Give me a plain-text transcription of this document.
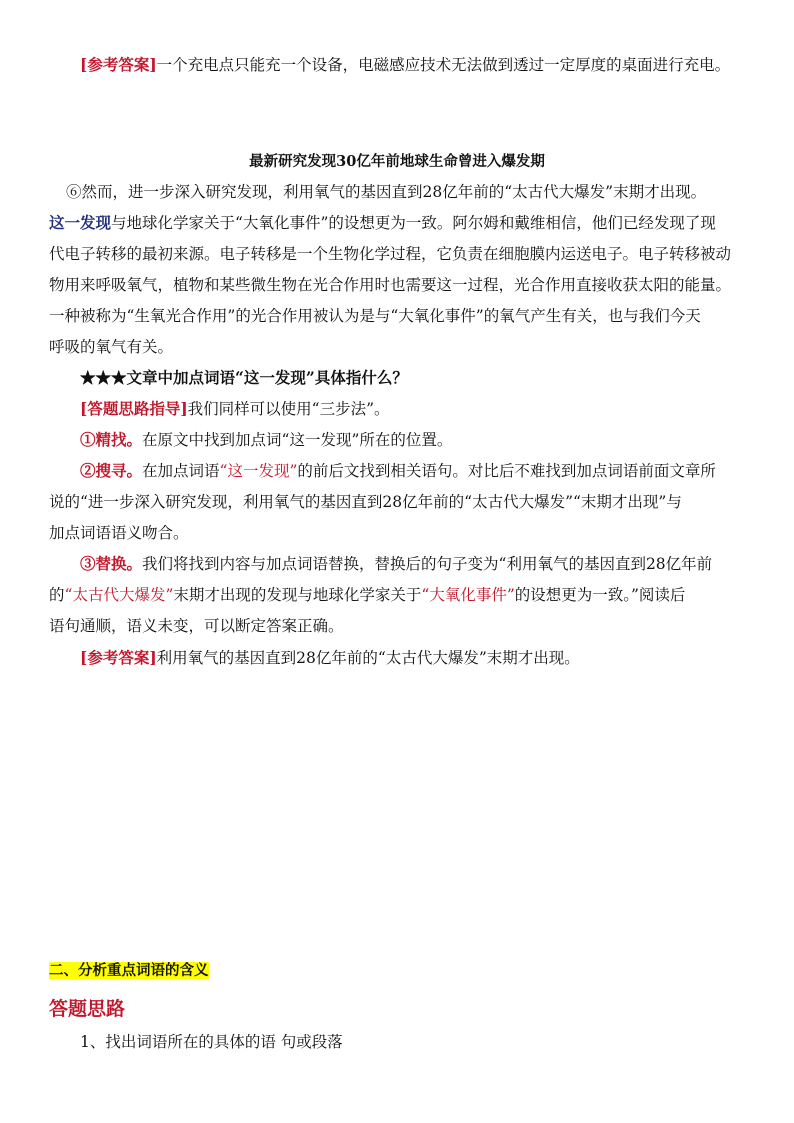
[参考答案]一个充电点只能充一个设备，电磁感应技术无法做到透过一定厚度的桌面进行充电。
最新研究发现30亿年前地球生命曾进入爆发期
⑥然而，进一步深入研究发现，利用氧气的基因直到28亿年前的“太古代大爆发”末期才出现。
这一发现与地球化学家关于“大氧化事件”的设想更为一致。阿尔姆和戴维相信，他们已经发现了现
代电子转移的最初来源。电子转移是一个生物化学过程，它负责在细胞膜内运送电子。电子转移被动
物用来呼吸氧气，植物和某些微生物在光合作用时也需要这一过程，光合作用直接收获太阳的能量。
一种被称为“生氧光合作用”的光合作用被认为是与“大氧化事件”的氧气产生有关，也与我们今天
呼吸的氧气有关。
★★★文章中加点词语“这一发现”具体指什么？
[答题思路指导]我们同样可以使用“三步法”。
①精找。在原文中找到加点词“这一发现”所在的位置。
②搜寻。在加点词语“这一发现”的前后文找到相关语句。对比后不难找到加点词语前面文章所
说的“进一步深入研究发现，利用氧气的基因直到28亿年前的“太古代大爆发”“末期才出现”与
加点词语语义吻合。
③替换。我们将找到内容与加点词语替换，替换后的句子变为“利用氧气的基因直到28亿年前
的“太古代大爆发”末期才出现的发现与地球化学家关于“大氧化事件”的设想更为一致。”阅读后
语句通顺，语义未变，可以断定答案正确。
[参考答案]利用氧气的基因直到28亿年前的“太古代大爆发”末期才出现。
二、分析重点词语的含义
答题思路
1、找出词语所在的具体的语 句或段落
